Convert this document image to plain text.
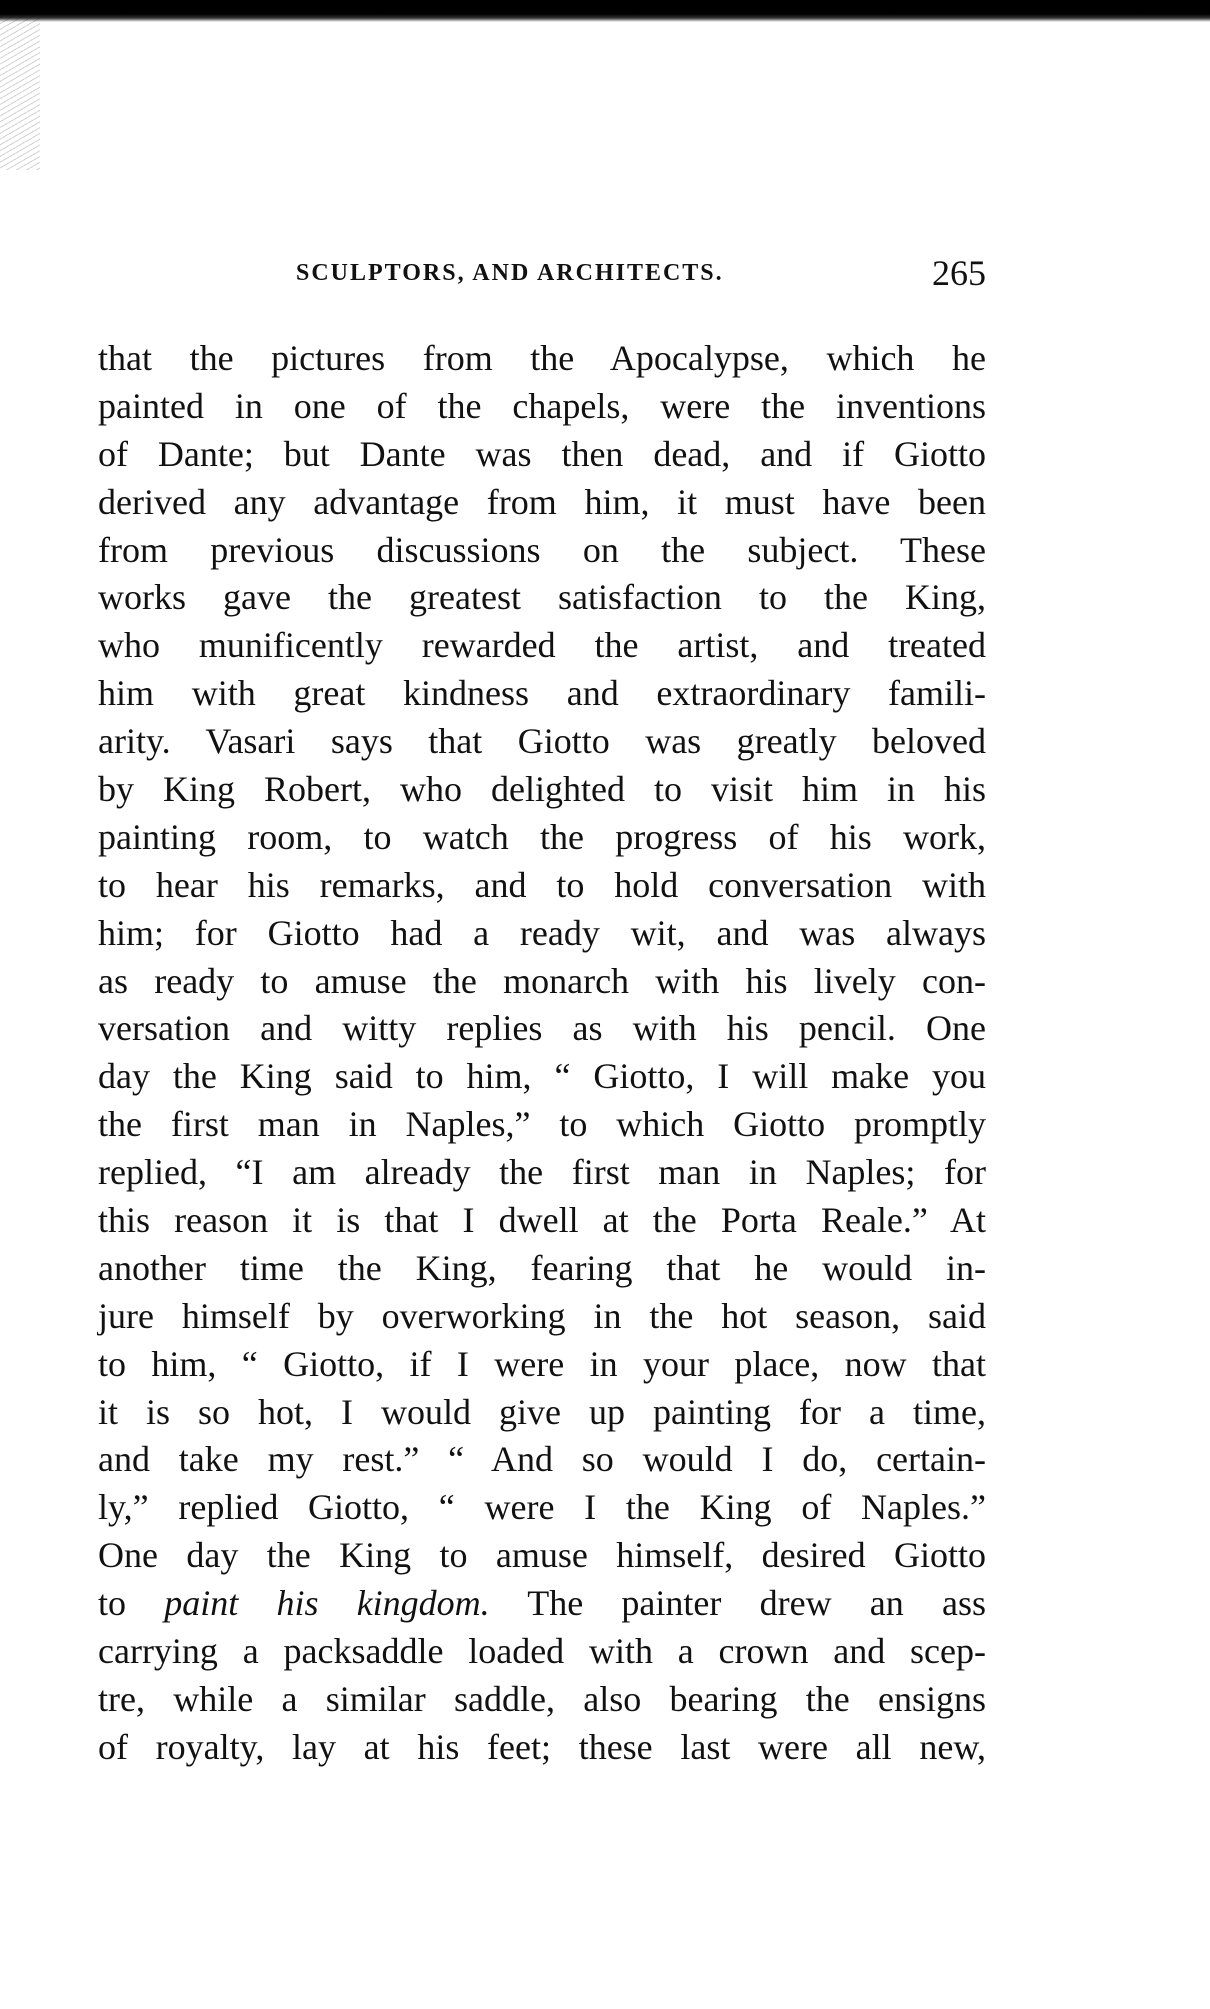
SCULPTORS, AND ARCHITECTS.	265
that the pictures from the Apocalypse, which he
painted in one of the chapels, were the inventions
of Dante; but Dante was then dead, and if Giotto
derived any advantage from him, it must have been
from previous discussions on the subject. These
works gave the greatest satisfaction to the King,
who munificently rewarded the artist, and treated
him with great kindness and extraordinary famili-
arity. Vasari says that Giotto was greatly beloved
by King Robert, who delighted to visit him in his
painting room, to watch the progress of his work,
to hear his remarks, and to hold conversation with
him; for Giotto had a ready wit, and was always
as ready to amuse the monarch with his lively con-
versation and witty replies as with his pencil. One
day the King said to him, “ Giotto, I will make you
the first man in Naples,” to which Giotto promptly
replied, “I am already the first man in Naples; for
this reason it is that I dwell at the Porta Reale.” At
another time the King, fearing that he would in-
jure himself by overworking in the hot season, said
to him, “ Giotto, if I were in your place, now that
it is so hot, I would give up painting for a time,
and take my rest.” “ And so would I do, certain-
ly,” replied Giotto, “ were I the King of Naples.”
One day the King to amuse himself, desired Giotto
to paint his kingdom. The painter drew an ass
carrying a packsaddle loaded with a crown and scep-
tre, while a similar saddle, also bearing the ensigns
of royalty, lay at his feet; these last were all new,
